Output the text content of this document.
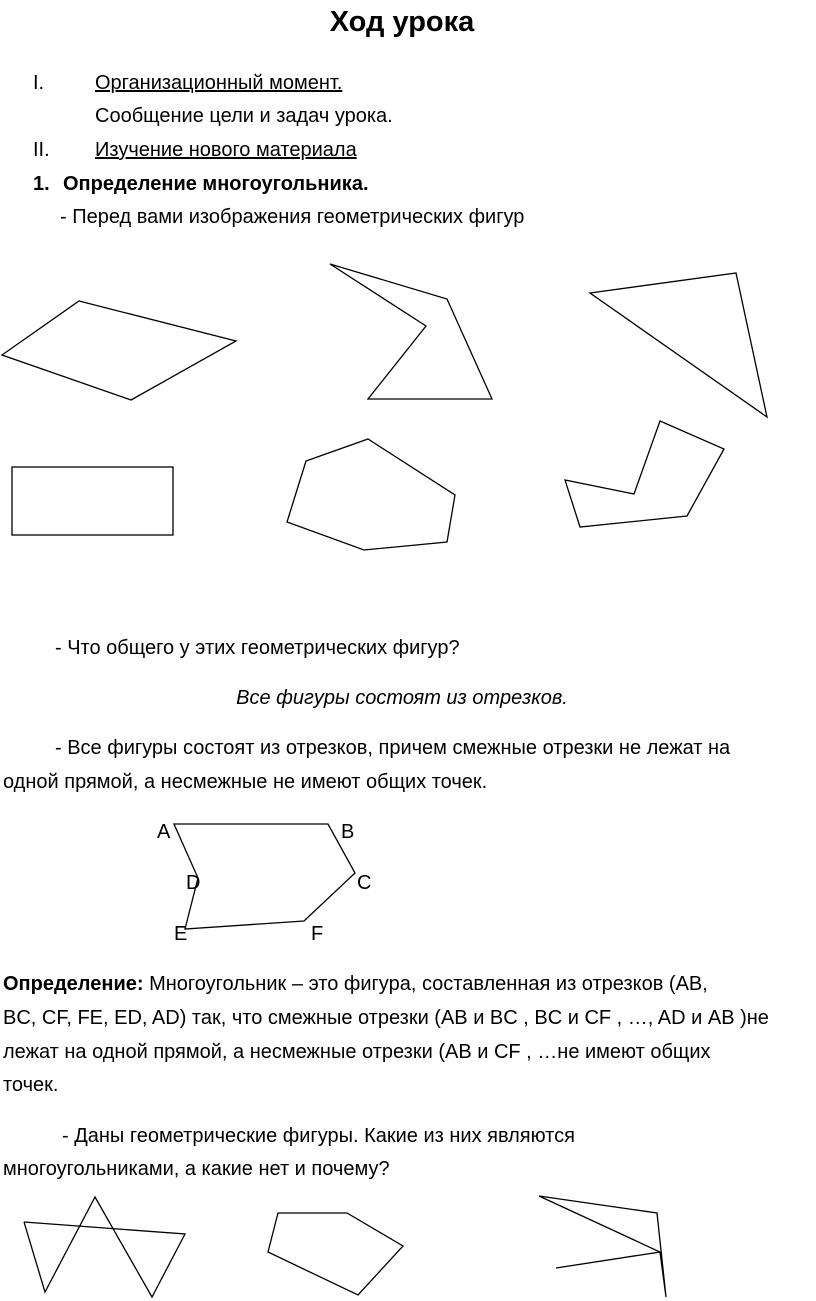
Ход урока
I.	Организационный момент.
Сообщение цели и задач урока.
II. Изучение нового материала
1. Определение многоугольника.
- Перед вами изображения геометрических фигур
- Что общего у этих геометрических фигур?
Все фигуры состоят из отрезков.
- Все фигуры состоят из отрезков, причем смежные отрезки не лежат на
одной прямой, а несмежные не имеют общих точек.
A	B
C
D
E	F
Определение: Многоугольник – это фигура, составленная из отрезков (AB,
BC, CF, FE, ED, AD) так, что смежные отрезки (AB и BC , BC и CF , …, AD и AB )не
лежат на одной прямой, а несмежные отрезки (AB и CF , …не имеют общих
точек.
- Даны геометрические фигуры. Какие из них являются
многоугольниками, а какие нет и почему?
